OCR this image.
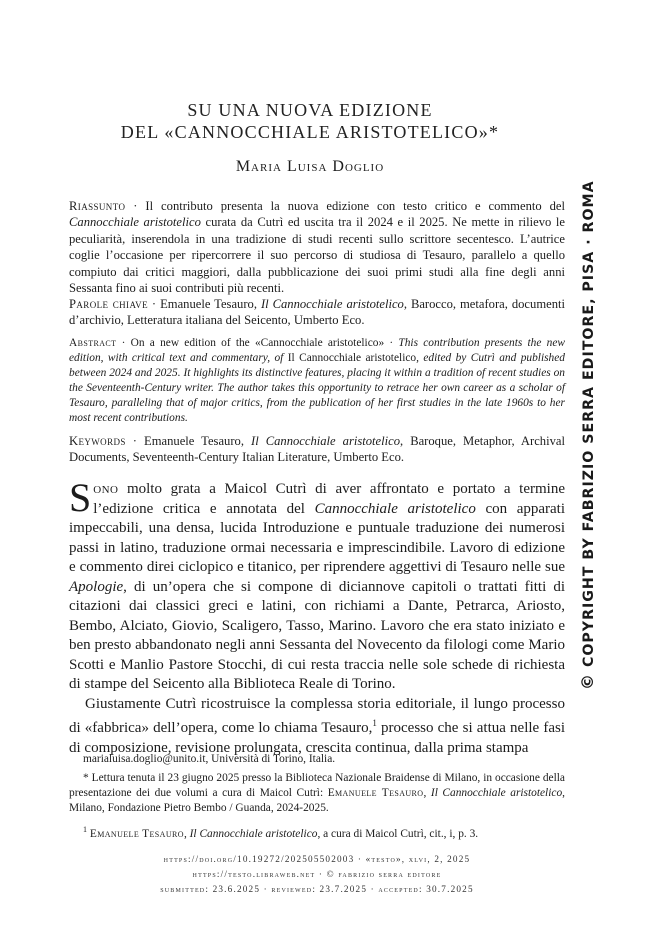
SU UNA NUOVA EDIZIONE
DEL «CANNOCCHIALE ARISTOTELICO»*
Maria Luisa Doglio
Riassunto · Il contributo presenta la nuova edizione con testo critico e commento del Cannocchiale aristotelico curata da Cutrì ed uscita tra il 2024 e il 2025. Ne mette in rilievo le peculiarità, inserendola in una tradizione di studi recenti sullo scrittore secentesco. L’autrice coglie l’occasione per ripercorrere il suo percorso di studiosa di Tesauro, parallelo a quello compiuto dai critici maggiori, dalla pubblicazione dei suoi primi studi alla fine degli anni Sessanta fino ai suoi contributi più recenti.
Parole chiave · Emanuele Tesauro, Il Cannocchiale aristotelico, Barocco, metafora, documenti d’archivio, Letteratura italiana del Seicento, Umberto Eco.
Abstract · On a new edition of the «Cannocchiale aristotelico» · This contribution presents the new edition, with critical text and commentary, of Il Cannocchiale aristotelico, edited by Cutrì and published between 2024 and 2025. It highlights its distinctive features, placing it within a tradition of recent studies on the Seventeenth-Century writer. The author takes this opportunity to retrace her own career as a scholar of Tesauro, paralleling that of major critics, from the publication of her first studies in the late 1960s to her most recent contributions.
Keywords · Emanuele Tesauro, Il Cannocchiale aristotelico, Baroque, Metaphor, Archival Documents, Seventeenth-Century Italian Literature, Umberto Eco.

Sono molto grata a Maicol Cutrì di aver affrontato e portato a termine l’edizione critica e annotata del Cannocchiale aristotelico con apparati impeccabili, una densa, lucida Introduzione e puntuale traduzione dei numerosi passi in latino, traduzione ormai necessaria e imprescindibile. Lavoro di edizione e commento direi ciclopico e titanico, per riprendere aggettivi di Tesauro nelle sue Apologie, di un’opera che si compone di diciannove capitoli o trattati fitti di citazioni dai classici greci e latini, con richiami a Dante, Petrarca, Ariosto, Bembo, Alciato, Giovio, Scaligero, Tasso, Marino. Lavoro che era stato iniziato e ben presto abbandonato negli anni Sessanta del Novecento da filologi come Mario Scotti e Manlio Pastore Stocchi, di cui resta traccia nelle sole schede di richiesta di stampe del Seicento alla Biblioteca Reale di Torino.

Giustamente Cutrì ricostruisce la complessa storia editoriale, il lungo processo di «fabbrica» dell’opera, come lo chiama Tesauro,$^1$ processo che si attua nelle fasi di composizione, revisione prolungata, crescita continua, dalla prima stampa

marialuisa.doglio@unito.it, Università di Torino, Italia.
* Lettura tenuta il 23 giugno 2025 presso la Biblioteca Nazionale Braidense di Milano, in occasione della presentazione dei due volumi a cura di Maicol Cutrì: Emanuele Tesauro, Il Cannocchiale aristotelico, Milano, Fondazione Pietro Bembo / Guanda, 2024-2025.
$^1$ Emanuele Tesauro, Il Cannocchiale aristotelico, a cura di Maicol Cutrì, cit., i, p. 3.
https://doi.org/10.19272/202505502003 · «testo», xlvi, 2, 2025
https://testo.libraweb.net · © fabrizio serra editore
submitted: 23.6.2025 · reviewed: 23.7.2025 · accepted: 30.7.2025
© COPYRIGHT BY FABRIZIO SERRA EDITORE, PISA · ROMA
